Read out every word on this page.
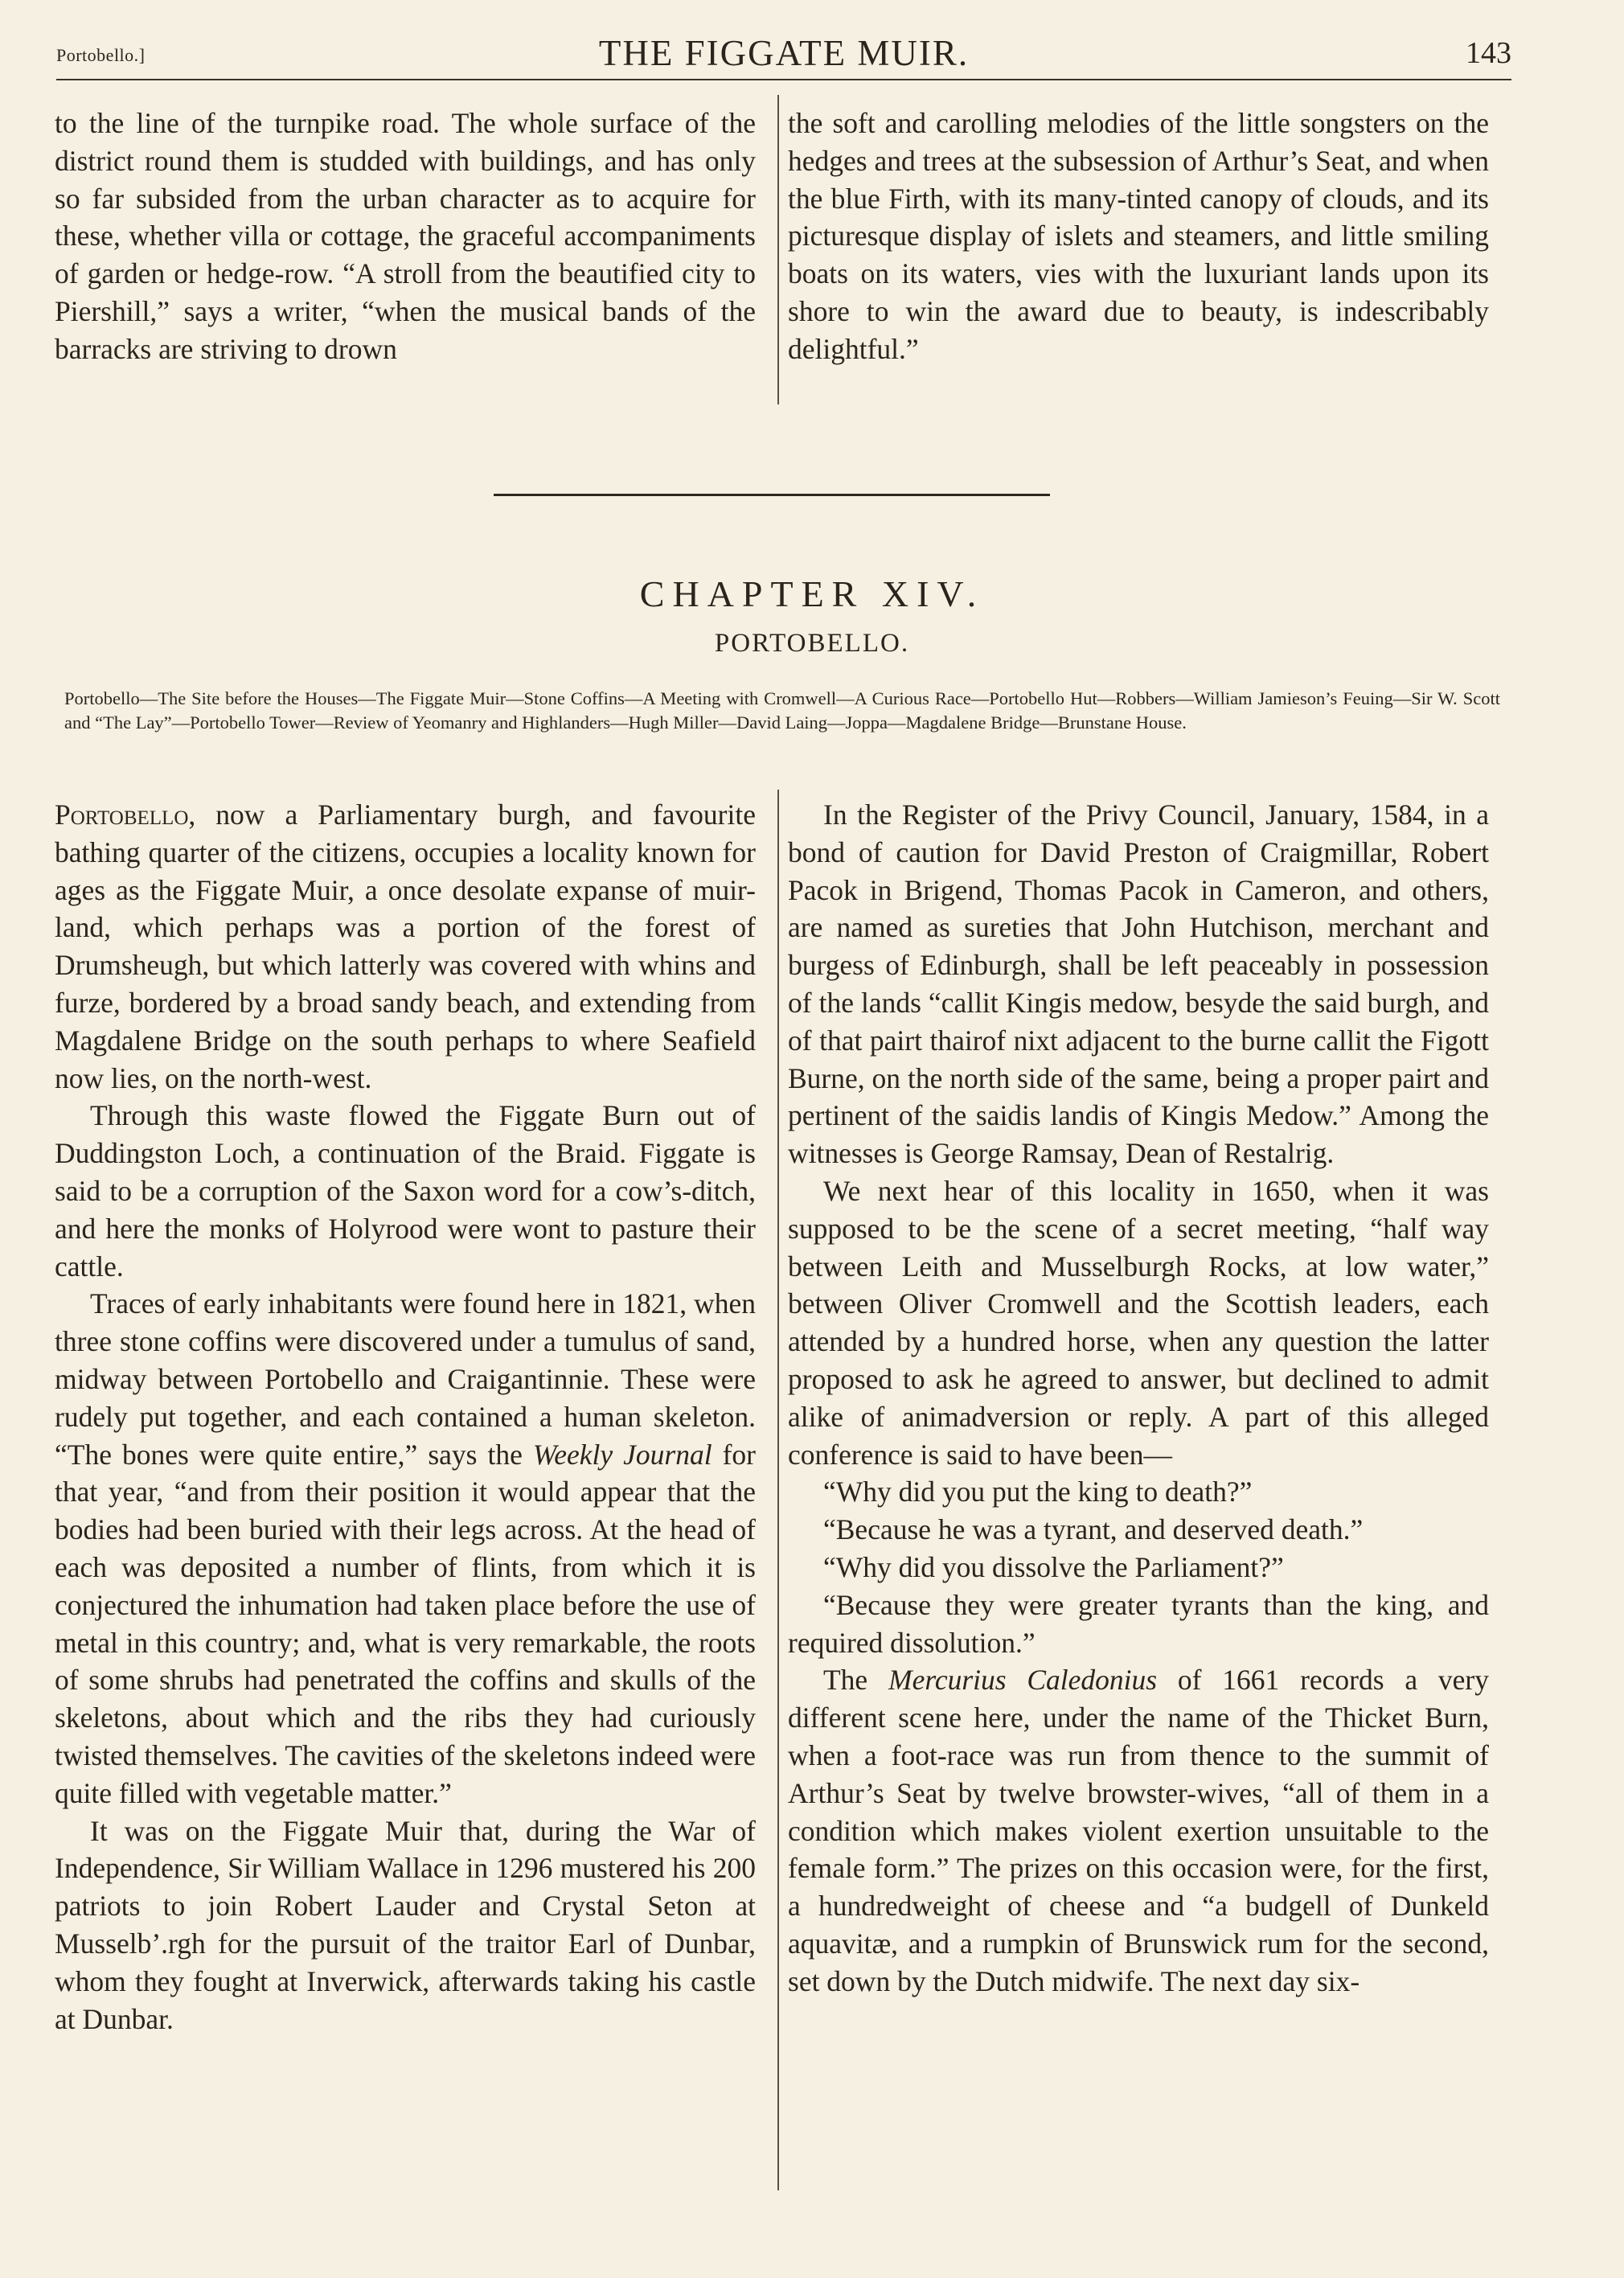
Portobello.]	THE FIGGATE MUIR.	143

to the line of the turnpike road. The whole surface of the district round them is studded with buildings, and has only so far subsided from the urban character as to acquire for these, whether villa or cottage, the graceful accompaniments of garden or hedge-row. “A stroll from the beautified city to Piershill,” says a writer, “when the musical bands of the barracks are striving to drown

the soft and carolling melodies of the little songsters on the hedges and trees at the subsession of Arthur’s Seat, and when the blue Firth, with its many-tinted canopy of clouds, and its picturesque display of islets and steamers, and little smiling boats on its waters, vies with the luxuriant lands upon its shore to win the award due to beauty, is indescribably delightful.”

CHAPTER XIV.
PORTOBELLO.
Portobello—The Site before the Houses—The Figgate Muir—Stone Coffins—A Meeting with Cromwell—A Curious Race—Portobello Hut—Robbers—William Jamieson’s Feuing—Sir W. Scott and “The Lay”—Portobello Tower—Review of Yeomanry and Highlanders—Hugh Miller—David Laing—Joppa—Magdalene Bridge—Brunstane House.

Portobello, now a Parliamentary burgh, and favourite bathing quarter of the citizens, occupies a locality known for ages as the Figgate Muir, a once desolate expanse of muir-land, which perhaps was a portion of the forest of Drumsheugh, but which latterly was covered with whins and furze, bordered by a broad sandy beach, and extending from Magdalene Bridge on the south perhaps to where Seafield now lies, on the north-west.

Through this waste flowed the Figgate Burn out of Duddingston Loch, a continuation of the Braid. Figgate is said to be a corruption of the Saxon word for a cow’s-ditch, and here the monks of Holyrood were wont to pasture their cattle.

Traces of early inhabitants were found here in 1821, when three stone coffins were discovered under a tumulus of sand, midway between Portobello and Craigantinnie. These were rudely put together, and each contained a human skeleton. “The bones were quite entire,” says the Weekly Journal for that year, “and from their position it would appear that the bodies had been buried with their legs across. At the head of each was deposited a number of flints, from which it is conjectured the inhumation had taken place before the use of metal in this country; and, what is very remarkable, the roots of some shrubs had penetrated the coffins and skulls of the skeletons, about which and the ribs they had curiously twisted themselves. The cavities of the skeletons indeed were quite filled with vegetable matter.”

It was on the Figgate Muir that, during the War of Independence, Sir William Wallace in 1296 mustered his 200 patriots to join Robert Lauder and Crystal Seton at Musselb’.rgh for the pursuit of the traitor Earl of Dunbar, whom they fought at Inverwick, afterwards taking his castle at Dunbar.

In the Register of the Privy Council, January, 1584, in a bond of caution for David Preston of Craigmillar, Robert Pacok in Brigend, Thomas Pacok in Cameron, and others, are named as sureties that John Hutchison, merchant and burgess of Edinburgh, shall be left peaceably in possession of the lands “callit Kingis medow, besyde the said burgh, and of that pairt thairof nixt adjacent to the burne callit the Figott Burne, on the north side of the same, being a proper pairt and pertinent of the saidis landis of Kingis Medow.” Among the witnesses is George Ramsay, Dean of Restalrig.

We next hear of this locality in 1650, when it was supposed to be the scene of a secret meeting, “half way between Leith and Musselburgh Rocks, at low water,” between Oliver Cromwell and the Scottish leaders, each attended by a hundred horse, when any question the latter proposed to ask he agreed to answer, but declined to admit alike of animadversion or reply. A part of this alleged conference is said to have been—

“Why did you put the king to death?”

“Because he was a tyrant, and deserved death.”

“Why did you dissolve the Parliament?”

“Because they were greater tyrants than the king, and required dissolution.”

The Mercurius Caledonius of 1661 records a very different scene here, under the name of the Thicket Burn, when a foot-race was run from thence to the summit of Arthur’s Seat by twelve browster-wives, “all of them in a condition which makes violent exertion unsuitable to the female form.” The prizes on this occasion were, for the first, a hundredweight of cheese and “a budgell of Dunkeld aquavitæ, and a rumpkin of Brunswick rum for the second, set down by the Dutch midwife. The next day six-
